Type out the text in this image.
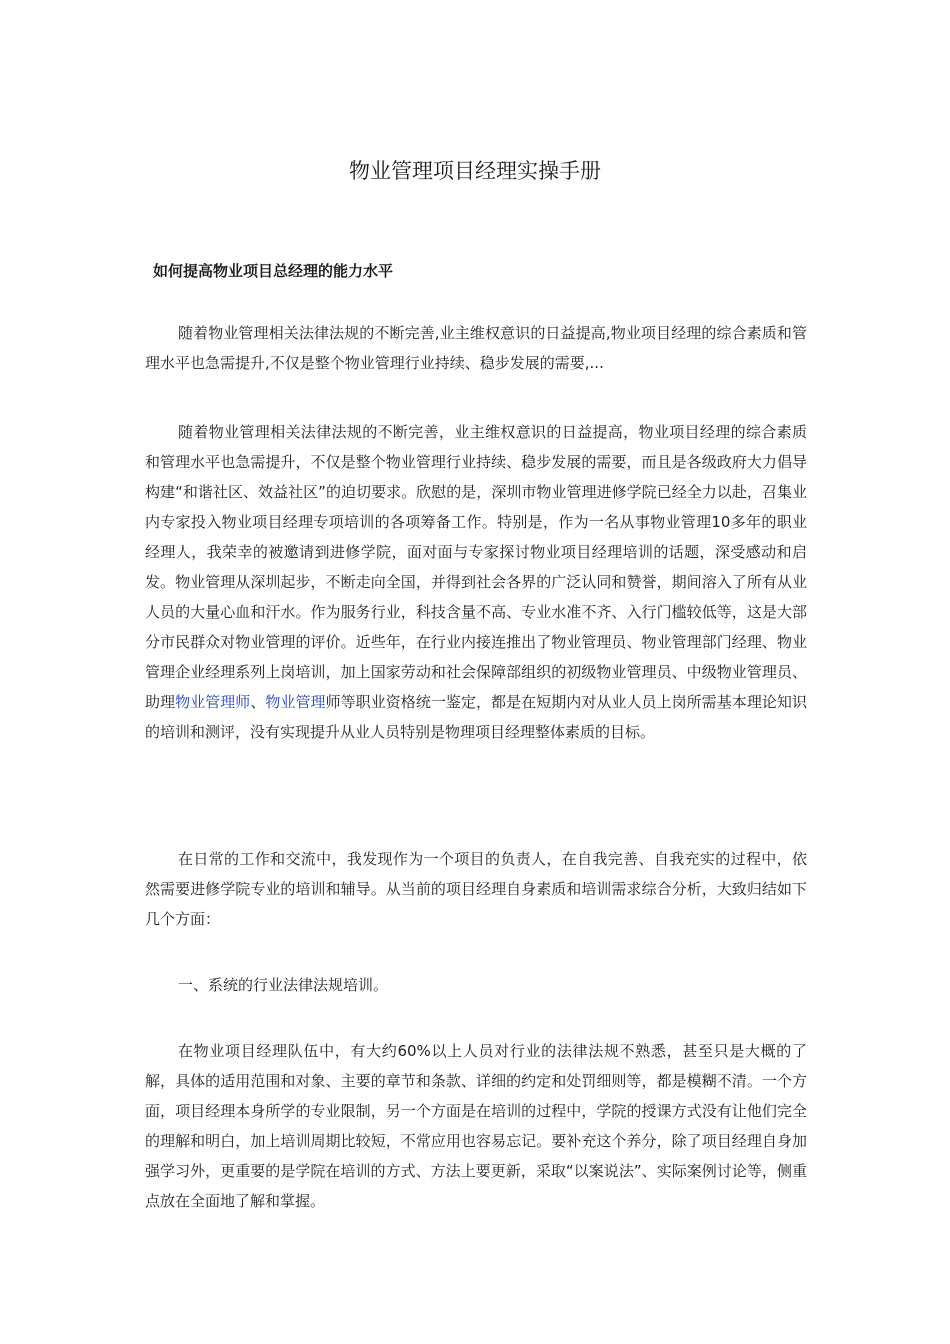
物业管理项目经理实操手册
如何提高物业项目总经理的能力水平

随着物业管理相关法律法规的不断完善,业主维权意识的日益提高,物业项目经理的综合素质和管理水平也急需提升,不仅是整个物业管理行业持续、稳步发展的需要,...

随着物业管理相关法律法规的不断完善，业主维权意识的日益提高，物业项目经理的综合素质和管理水平也急需提升，不仅是整个物业管理行业持续、稳步发展的需要，而且是各级政府大力倡导构建“和谐社区、效益社区”的迫切要求。欣慰的是，深圳市物业管理进修学院已经全力以赴，召集业内专家投入物业项目经理专项培训的各项筹备工作。特别是，作为一名从事物业管理10多年的职业经理人，我荣幸的被邀请到进修学院，面对面与专家探讨物业项目经理培训的话题，深受感动和启发。物业管理从深圳起步，不断走向全国，并得到社会各界的广泛认同和赞誉，期间溶入了所有从业人员的大量心血和汗水。作为服务行业，科技含量不高、专业水准不齐、入行门槛较低等，这是大部分市民群众对物业管理的评价。近些年，在行业内接连推出了物业管理员、物业管理部门经理、物业管理企业经理系列上岗培训，加上国家劳动和社会保障部组织的初级物业管理员、中级物业管理员、助理物业管理师、物业管理师等职业资格统一鉴定，都是在短期内对从业人员上岗所需基本理论知识的培训和测评，没有实现提升从业人员特别是物理项目经理整体素质的目标。

在日常的工作和交流中，我发现作为一个项目的负责人，在自我完善、自我充实的过程中，依然需要进修学院专业的培训和辅导。从当前的项目经理自身素质和培训需求综合分析，大致归结如下几个方面：

一、系统的行业法律法规培训。

在物业项目经理队伍中，有大约60%以上人员对行业的法律法规不熟悉，甚至只是大概的了解，具体的适用范围和对象、主要的章节和条款、详细的约定和处罚细则等，都是模糊不清。一个方面，项目经理本身所学的专业限制，另一个方面是在培训的过程中，学院的授课方式没有让他们完全的理解和明白，加上培训周期比较短，不常应用也容易忘记。要补充这个养分，除了项目经理自身加强学习外，更重要的是学院在培训的方式、方法上要更新，采取“以案说法”、实际案例讨论等，侧重点放在全面地了解和掌握。
